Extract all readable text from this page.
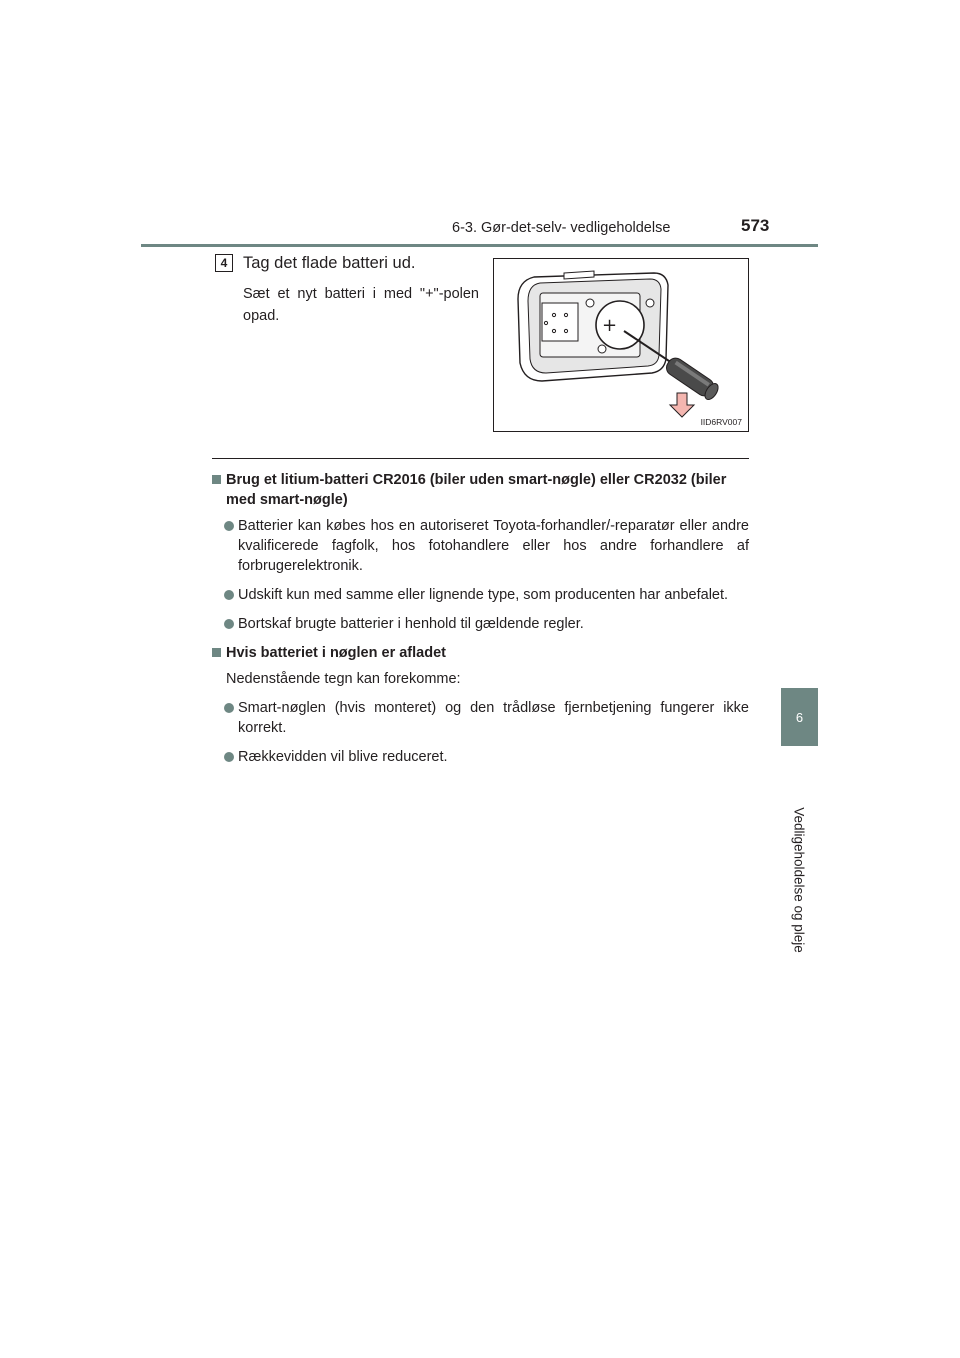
6-3. Gør-det-selv- vedligeholdelse	573
6
Vedligeholdelse og pleje
4 Tag det flade batteri ud.
Sæt et nyt batteri i med "+"-polen opad.	+
IID6RV007
Brug et litium-batteri CR2016 (biler uden smart-nøgle) eller CR2032 (biler med smart-nøgle)
Batterier kan købes hos en autoriseret Toyota-forhandler/-reparatør eller andre kvalificerede fagfolk, hos fotohandlere eller hos andre forhandlere af forbrugerelektronik.
Udskift kun med samme eller lignende type, som producenten har anbefalet.
Bortskaf brugte batterier i henhold til gældende regler.
Hvis batteriet i nøglen er afladet
Nedenstående tegn kan forekomme:
Smart-nøglen (hvis monteret) og den trådløse fjernbetjening fungerer ikke korrekt.
Rækkevidden vil blive reduceret.
